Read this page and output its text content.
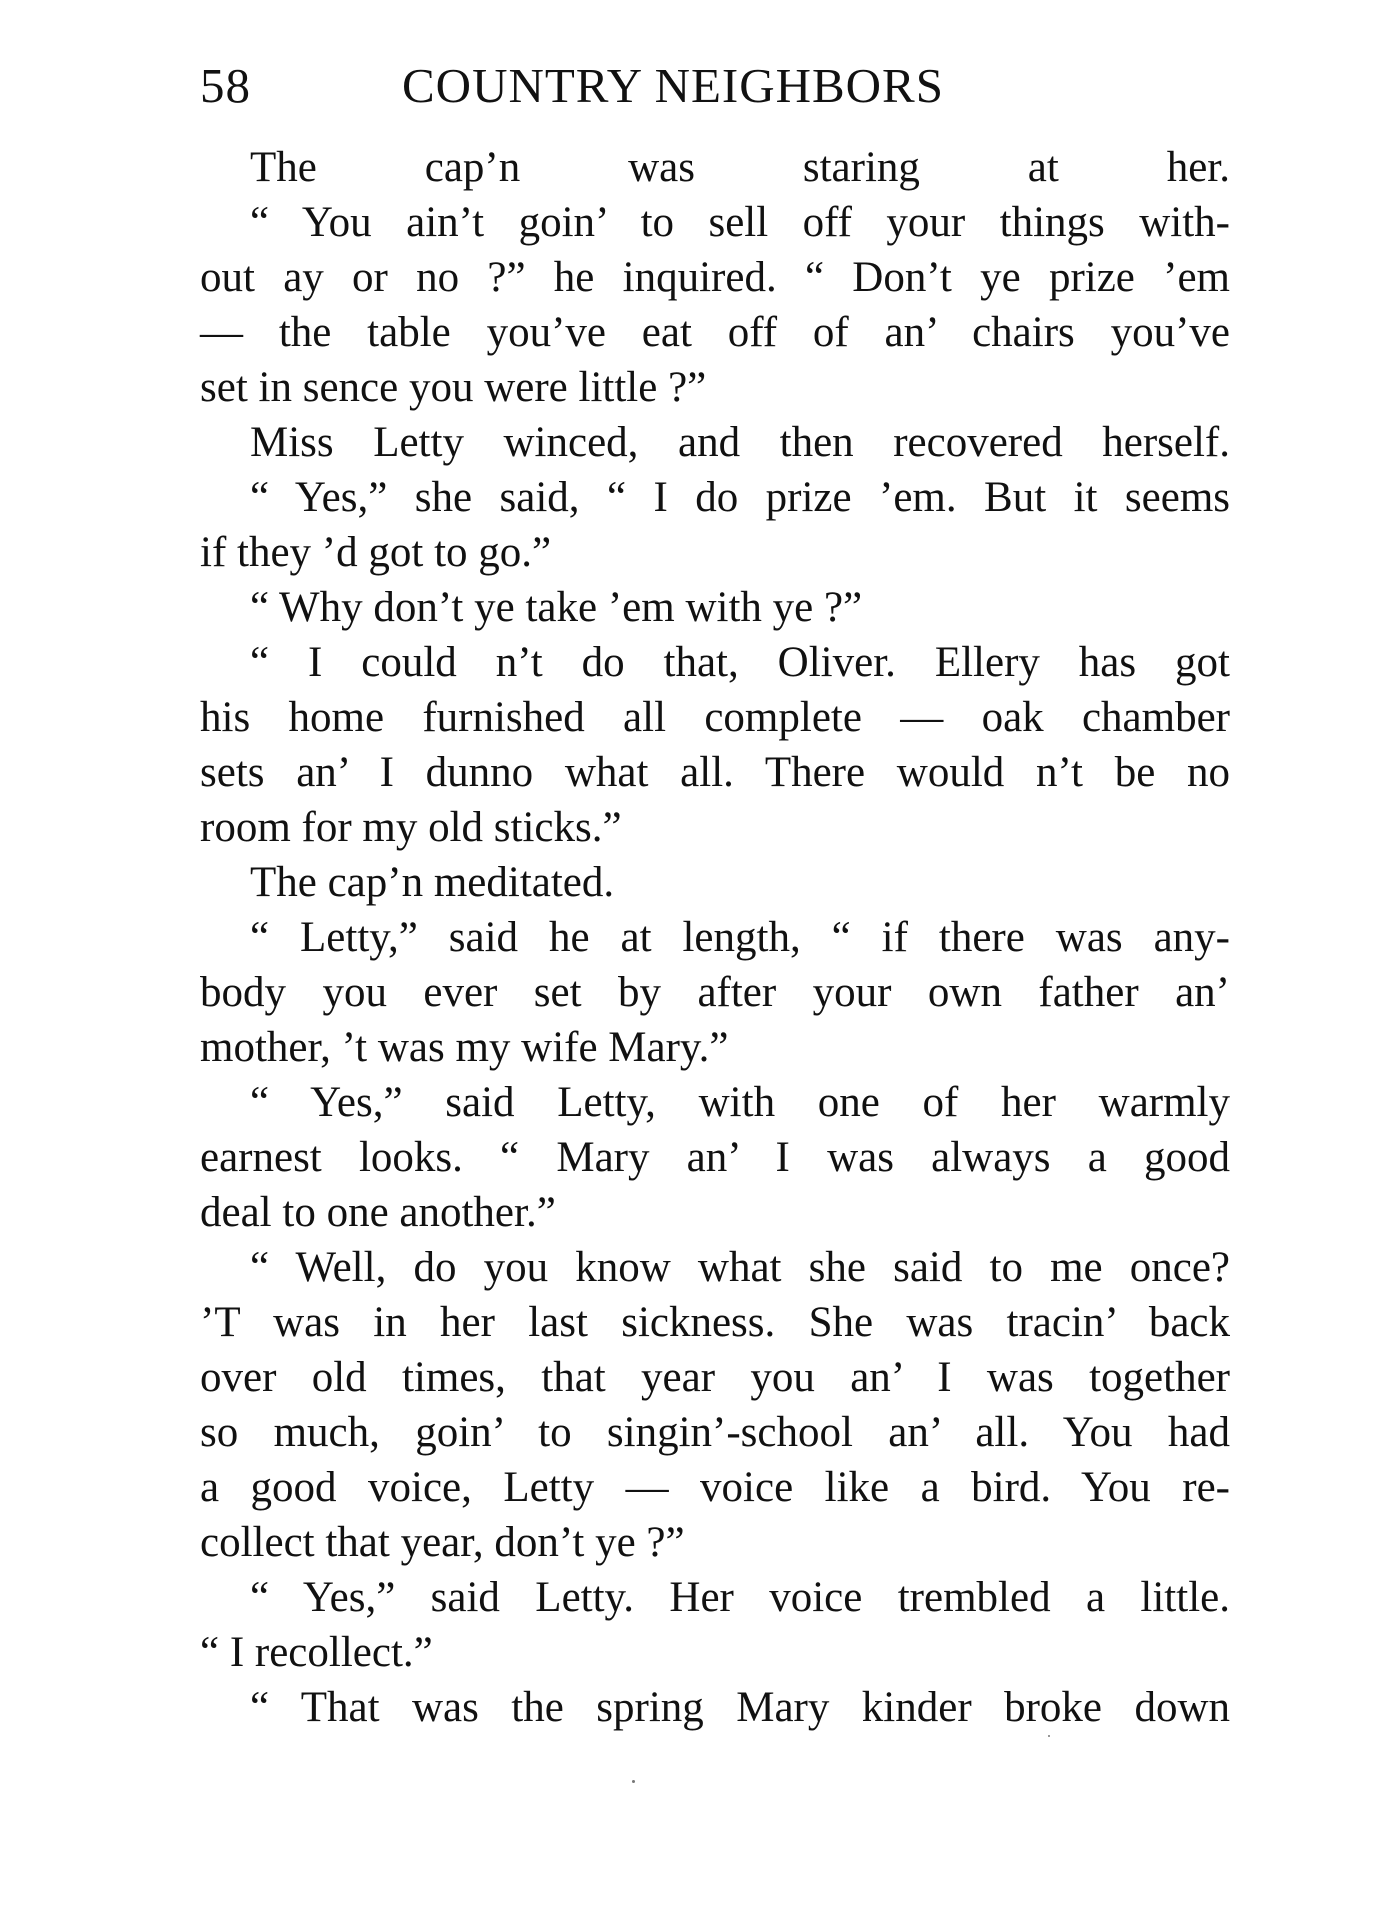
58	COUNTRY NEIGHBORS
The cap’n was staring at her.
“ You ain’t goin’ to sell off your things with-
out ay or no ?” he inquired. “ Don’t ye prize ’em
— the table you’ve eat off of an’ chairs you’ve
set in sence you were little ?”
Miss Letty winced, and then recovered herself.
“ Yes,” she said, “ I do prize ’em. But it seems
if they ’d got to go.”
“ Why don’t ye take ’em with ye ?”
“ I could n’t do that, Oliver. Ellery has got
his home furnished all complete — oak chamber
sets an’ I dunno what all. There would n’t be no
room for my old sticks.”
The cap’n meditated.
“ Letty,” said he at length, “ if there was any-
body you ever set by after your own father an’
mother, ’t was my wife Mary.”
“ Yes,” said Letty, with one of her warmly
earnest looks. “ Mary an’ I was always a good
deal to one another.”
“ Well, do you know what she said to me once?
’T was in her last sickness. She was tracin’ back
over old times, that year you an’ I was together
so much, goin’ to singin’-school an’ all. You had
a good voice, Letty — voice like a bird. You re-
collect that year, don’t ye ?”
“ Yes,” said Letty. Her voice trembled a little.
“ I recollect.”
“ That was the spring Mary kinder broke down
